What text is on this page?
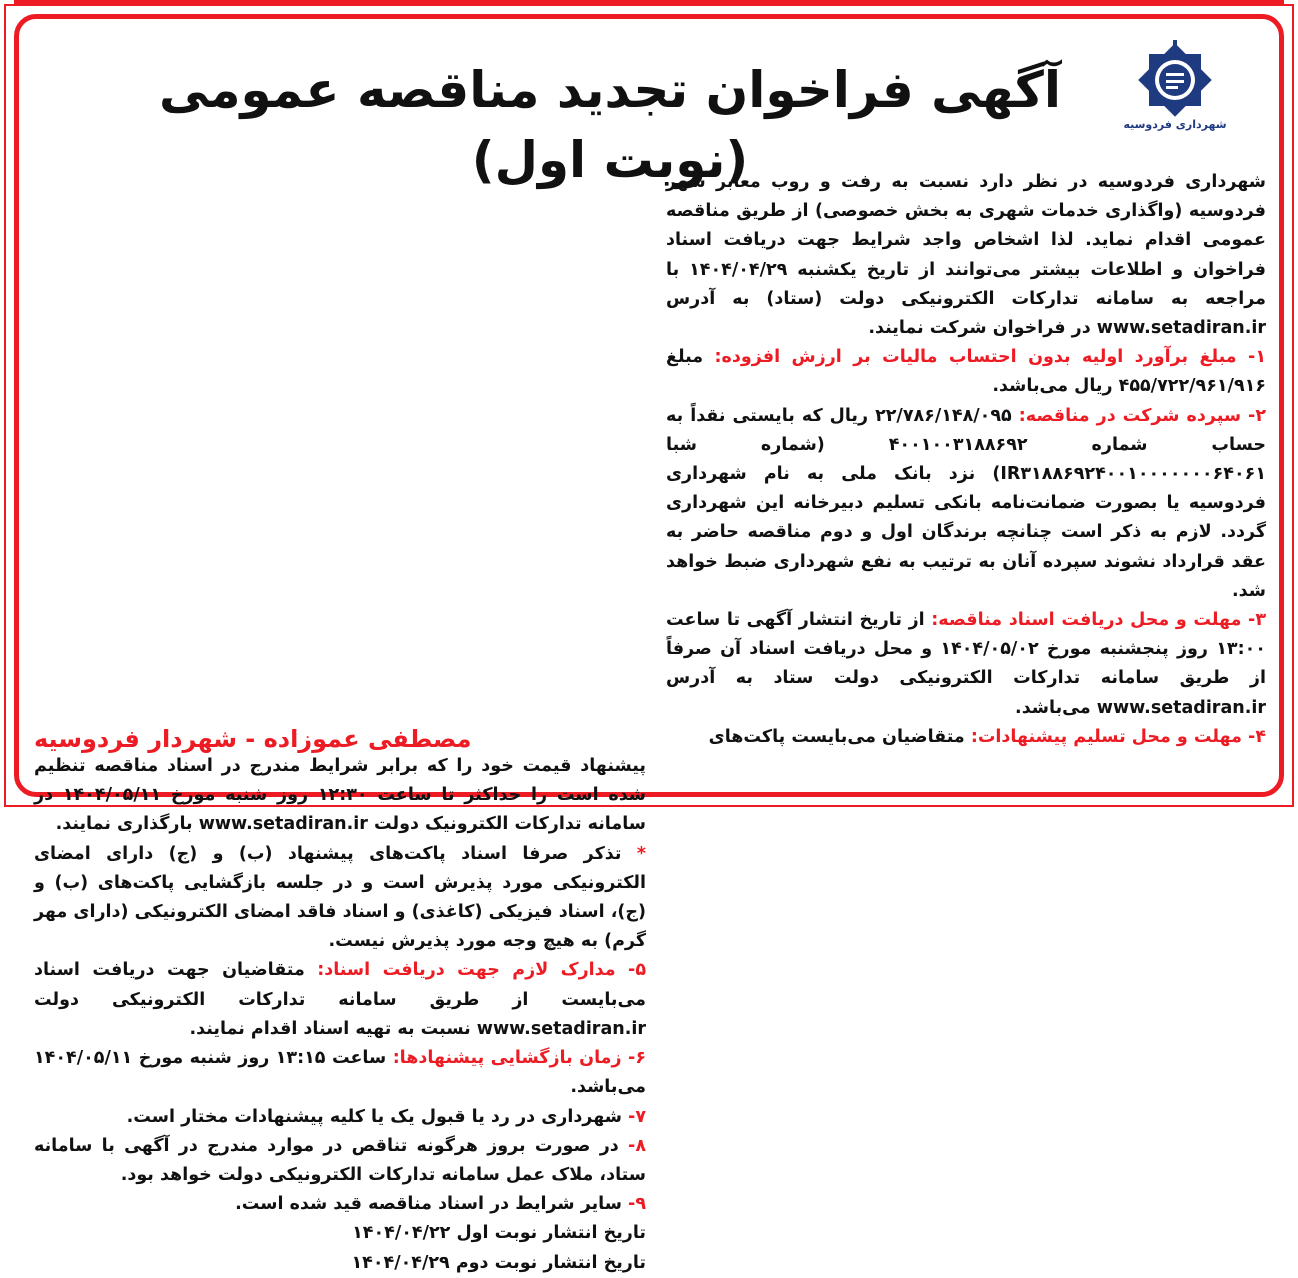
شهرداری فردوسیه
آگهی فراخوان تجدید مناقصه عمومی (نوبت اول)

شهرداری فردوسیه در نظر دارد نسبت به رفت و روب معابر شهر فردوسیه (واگذاری خدمات شهری به بخش خصوصی) از طریق مناقصه عمومی اقدام نماید. لذا اشخاص واجد شرایط جهت دریافت اسناد فراخوان و اطلاعات بیشتر می‌توانند از تاریخ یکشنبه ۱۴۰۴/۰۴/۲۹ با مراجعه به سامانه تدارکات الکترونیکی دولت (ستاد) به آدرس www.setadiran.ir در فراخوان شرکت نمایند.

۱- مبلغ برآورد اولیه بدون احتساب مالیات بر ارزش افزوده: مبلغ ۴۵۵/۷۲۲/۹۶۱/۹۱۶ ریال می‌باشد.

۲- سپرده شرکت در مناقصه: ۲۲/۷۸۶/۱۴۸/۰۹۵ ریال که بایستی نقداً به حساب شماره ۴۰۰۱۰۰۳۱۸۸۶۹۲ (شماره شبا IR۳۱۸۸۶۹۲۴۰۰۱۰۰۰۰۰۰۰۶۴۰۶۱) نزد بانک ملی به نام شهرداری فردوسیه یا بصورت ضمانت‌نامه بانکی تسلیم دبیرخانه این شهرداری گردد. لازم به ذکر است چنانچه برندگان اول و دوم مناقصه حاضر به عقد قرارداد نشوند سپرده آنان به ترتیب به نفع شهرداری ضبط خواهد شد.

۳- مهلت و محل دریافت اسناد مناقصه: از تاریخ انتشار آگهی تا ساعت ۱۳:۰۰ روز پنجشنبه مورخ ۱۴۰۴/۰۵/۰۲ و محل دریافت اسناد آن صرفاً از طریق سامانه تدارکات الکترونیکی دولت ستاد به آدرس www.setadiran.ir می‌باشد.

۴- مهلت و محل تسلیم پیشنهادات: متقاضیان می‌بایست پاکت‌های

پیشنهاد قیمت خود را که برابر شرایط مندرج در اسناد مناقصه تنظیم شده است را حداکثر تا ساعت ۱۲:۳۰ روز شنبه مورخ ۱۴۰۴/۰۵/۱۱ در سامانه تدارکات الکترونیک دولت www.setadiran.ir بارگذاری نمایند.

* تذکر صرفا اسناد پاکت‌های پیشنهاد (ب) و (ج) دارای امضای الکترونیکی مورد پذیرش است و در جلسه بازگشایی پاکت‌های (ب) و (ج)، اسناد فیزیکی (کاغذی) و اسناد فاقد امضای الکترونیکی (دارای مهر گرم) به هیچ وجه مورد پذیرش نیست.

۵- مدارک لازم جهت دریافت اسناد: متقاضیان جهت دریافت اسناد می‌بایست از طریق سامانه تدارکات الکترونیکی دولت www.setadiran.ir نسبت به تهیه اسناد اقدام نمایند.

۶- زمان بازگشایی پیشنهادها: ساعت ۱۳:۱۵ روز شنبه مورخ ۱۴۰۴/۰۵/۱۱ می‌باشد.

۷- شهرداری در رد یا قبول یک یا کلیه پیشنهادات مختار است.

۸- در صورت بروز هرگونه تناقص در موارد مندرج در آگهی با سامانه ستاد، ملاک عمل سامانه تدارکات الکترونیکی دولت خواهد بود.

۹- سایر شرایط در اسناد مناقصه قید شده است.

تاریخ انتشار نوبت اول ۱۴۰۴/۰۴/۲۲

تاریخ انتشار نوبت دوم ۱۴۰۴/۰۴/۲۹

مصطفی عموزاده - شهردار فردوسیه
